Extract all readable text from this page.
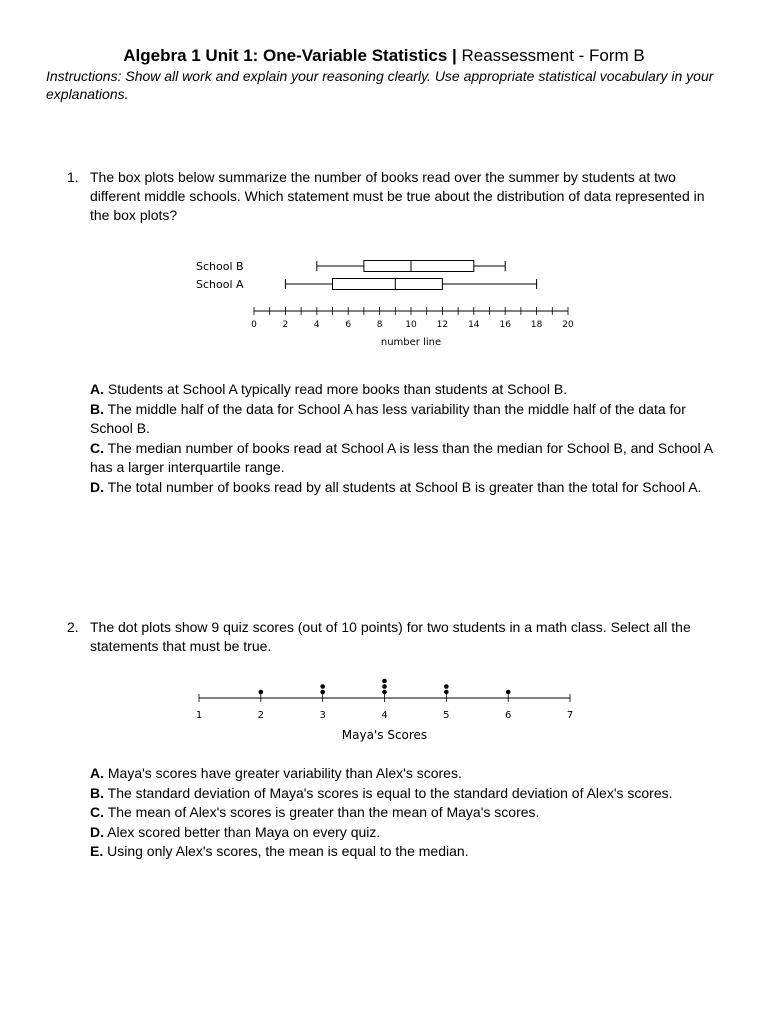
Algebra 1 Unit 1: One-Variable Statistics | Reassessment - Form B
Instructions: Show all work and explain your reasoning clearly. Use appropriate statistical vocabulary in your explanations.
1. The box plots below summarize the number of books read over the summer by students at two different middle schools. Which statement must be true about the distribution of data represented in the box plots?
School B
School A
0	2	4	6	8	10 12 14 16 18 20
number line

A. Students at School A typically read more books than students at School B.

B. The middle half of the data for School A has less variability than the middle half of the data for School B.

C. The median number of books read at School A is less than the median for School B, and School A has a larger interquartile range.

D. The total number of books read by all students at School B is greater than the total for School A.

2. The dot plots show 9 quiz scores (out of 10 points) for two students in a math class. Select all the statements that must be true.
1	2	3	4	5	6	7
Maya's Scores

A. Maya's scores have greater variability than Alex's scores.

B. The standard deviation of Maya's scores is equal to the standard deviation of Alex's scores.

C. The mean of Alex's scores is greater than the mean of Maya's scores.

D. Alex scored better than Maya on every quiz.

E. Using only Alex's scores, the mean is equal to the median.
